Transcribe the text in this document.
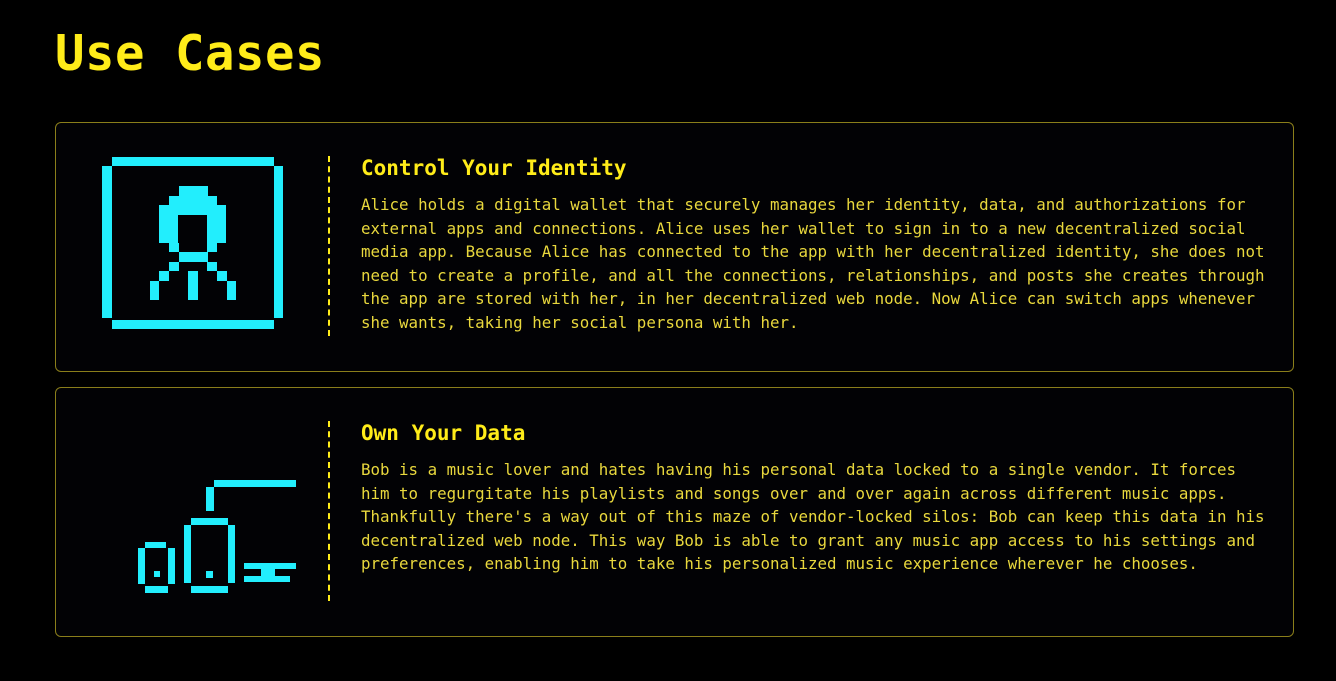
Use Cases
Control Your Identity

Alice holds a digital wallet that securely manages her identity, data, and authorizations for external apps and connections. Alice uses her wallet to sign in to a new decentralized social media app. Because Alice has connected to the app with her decentralized identity, she does not need to create a profile, and all the connections, relationships, and posts she creates through the app are stored with her, in her decentralized web node. Now Alice can switch apps whenever she wants, taking her social persona with her.

Own Your Data

Bob is a music lover and hates having his personal data locked to a single vendor. It forces him to regurgitate his playlists and songs over and over again across different music apps. Thankfully there's a way out of this maze of vendor-locked silos: Bob can keep this data in his decentralized web node. This way Bob is able to grant any music app access to his settings and preferences, enabling him to take his personalized music experience wherever he chooses.
